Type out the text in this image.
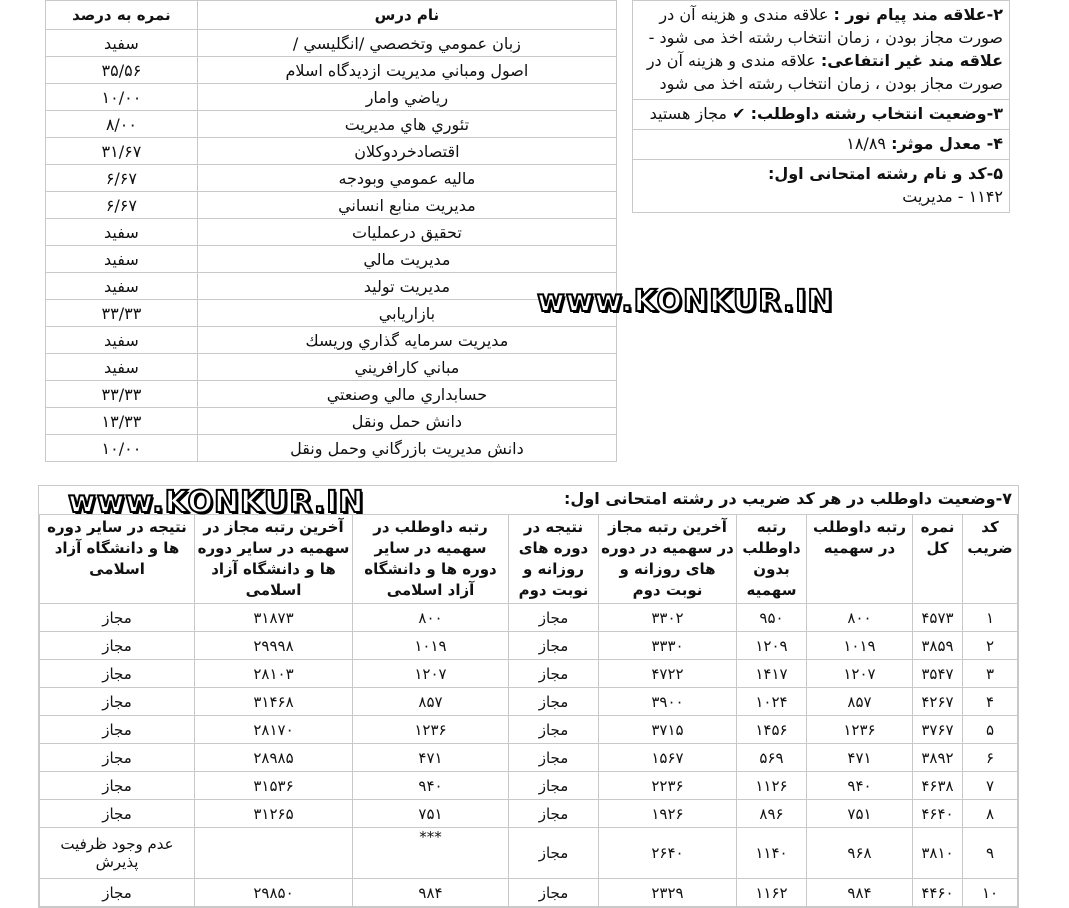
نام درس	نمره به درصد
زبان عمومي وتخصصي /انگليسي /	سفيد
اصول ومباني مديريت ازديدگاه اسلام	۳۵/۵۶
رياضي وامار	۱۰/۰۰
تئوري هاي مديريت	۸/۰۰
اقتصادخردوكلان	۳۱/۶۷
ماليه عمومي وبودجه	۶/۶۷
مديريت منابع انساني	۶/۶۷
تحقيق درعمليات	سفيد
مديريت مالي	سفيد
مديريت توليد	سفيد
بازاريابي	۳۳/۳۳
مديريت سرمايه گذاري وريسك	سفيد
مباني كارافريني	سفيد
حسابداري مالي وصنعتي	۳۳/۳۳
دانش حمل ونقل	۱۳/۳۳
دانش مديريت بازرگاني وحمل ونقل	۱۰/۰۰
۲-علاقه مند پیام نور : علاقه مندی و هزینه آن در صورت مجاز بودن ، زمان انتخاب رشته اخذ می شود - علاقه مند غیر انتفاعی: علاقه مندی و هزینه آن در صورت مجاز بودن ، زمان انتخاب رشته اخذ می شود
۳-وضعیت انتخاب رشته داوطلب: ✔ مجاز هستید
۴- معدل موثر: ۱۸/۸۹
۵-کد و نام رشته امتحانی اول:
۱۱۴۲ - مدیریت
۷-وضعیت داوطلب در هر کد ضریب در رشته امتحانی اول:
کد ضریب	نمره کل	رتبه داوطلب در سهمیه	رتبه داوطلب بدون سهمیه	آخرین رتبه مجاز در سهمیه در دوره های روزانه و نوبت دوم	نتیجه در دوره های روزانه و نوبت دوم	رتبه داوطلب در سهمیه در سایر دوره ها و دانشگاه آزاد اسلامی	آخرین رتبه مجاز در سهمیه در سایر دوره ها و دانشگاه آزاد اسلامی	نتیجه در سایر دوره ها و دانشگاه آزاد اسلامی
۱	۴۵۷۳	۸۰۰	۹۵۰	۳۳۰۲	مجاز	۸۰۰	۳۱۸۷۳	مجاز
۲	۳۸۵۹	۱۰۱۹	۱۲۰۹	۳۳۳۰	مجاز	۱۰۱۹	۲۹۹۹۸	مجاز
۳	۳۵۴۷	۱۲۰۷	۱۴۱۷	۴۷۲۲	مجاز	۱۲۰۷	۲۸۱۰۳	مجاز
۴	۴۲۶۷	۸۵۷	۱۰۲۴	۳۹۰۰	مجاز	۸۵۷	۳۱۴۶۸	مجاز
۵	۳۷۶۷	۱۲۳۶	۱۴۵۶	۳۷۱۵	مجاز	۱۲۳۶	۲۸۱۷۰	مجاز
۶	۳۸۹۲	۴۷۱	۵۶۹	۱۵۶۷	مجاز	۴۷۱	۲۸۹۸۵	مجاز
۷	۴۶۳۸	۹۴۰	۱۱۲۶	۲۲۳۶	مجاز	۹۴۰	۳۱۵۳۶	مجاز
۸	۴۶۴۰	۷۵۱	۸۹۶	۱۹۲۶	مجاز	۷۵۱	۳۱۲۶۵	مجاز
۹	۳۸۱۰	۹۶۸	۱۱۴۰	۲۶۴۰	مجاز	***		عدم وجود ظرفیت پذیرش
۱۰	۴۴۶۰	۹۸۴	۱۱۶۲	۲۳۲۹	مجاز	۹۸۴	۲۹۸۵۰	مجاز
www.KONKUR.IN
www.KONKUR.IN
